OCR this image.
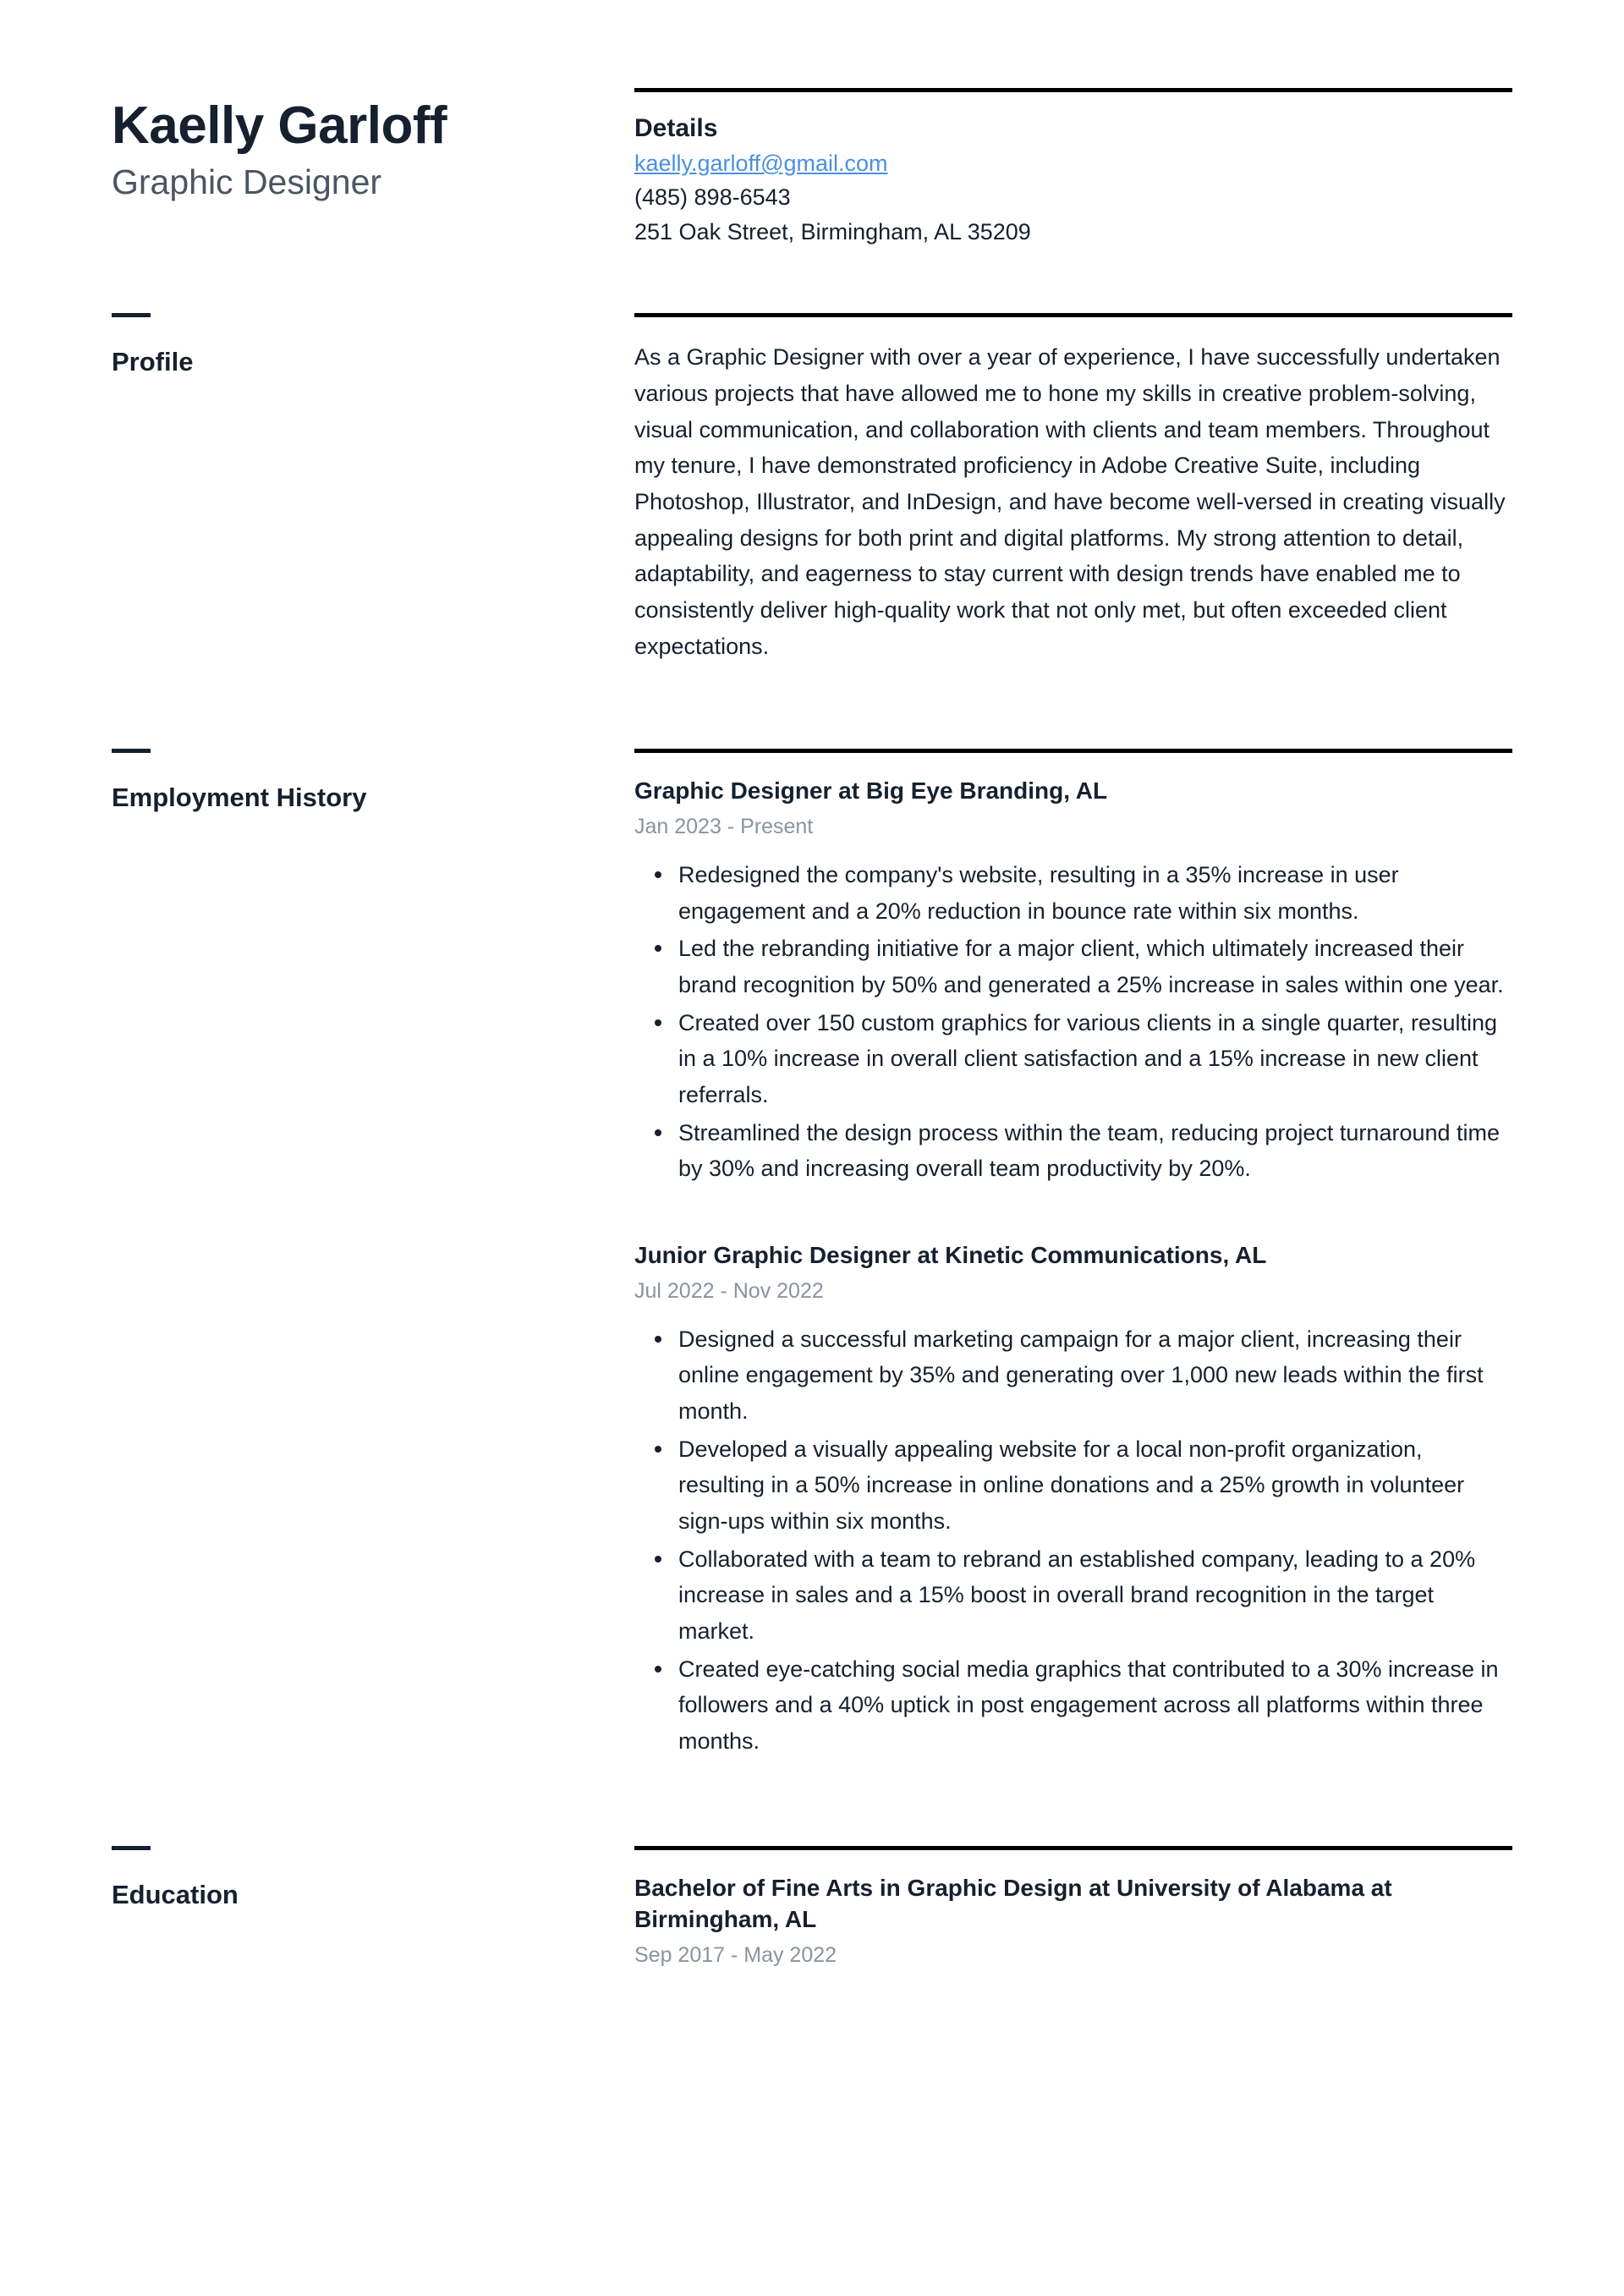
Kaelly Garloff
Graphic Designer
Details
kaelly.garloff@gmail.com
(485) 898-6543
251 Oak Street, Birmingham, AL 35209
Profile	As a Graphic Designer with over a year of experience, I have successfully undertaken various projects that have allowed me to hone my skills in creative problem-solving, visual communication, and collaboration with clients and team members. Throughout my tenure, I have demonstrated proficiency in Adobe Creative Suite, including Photoshop, Illustrator, and InDesign, and have become well-versed in creating visually appealing designs for both print and digital platforms. My strong attention to detail, adaptability, and eagerness to stay current with design trends have enabled me to consistently deliver high-quality work that not only met, but often exceeded client expectations.

Employment History	Graphic Designer at Big Eye Branding, AL
Jan 2023 - Present
Redesigned the company's website, resulting in a 35% increase in user engagement and a 20% reduction in bounce rate within six months.
Led the rebranding initiative for a major client, which ultimately increased their brand recognition by 50% and generated a 25% increase in sales within one year.
Created over 150 custom graphics for various clients in a single quarter, resulting in a 10% increase in overall client satisfaction and a 15% increase in new client referrals.
Streamlined the design process within the team, reducing project turnaround time by 30% and increasing overall team productivity by 20%.
Junior Graphic Designer at Kinetic Communications, AL
Jul 2022 - Nov 2022
Designed a successful marketing campaign for a major client, increasing their online engagement by 35% and generating over 1,000 new leads within the first month.
Developed a visually appealing website for a local non-profit organization, resulting in a 50% increase in online donations and a 25% growth in volunteer sign-ups within six months.
Collaborated with a team to rebrand an established company, leading to a 20% increase in sales and a 15% boost in overall brand recognition in the target market.
Created eye-catching social media graphics that contributed to a 30% increase in followers and a 40% uptick in post engagement across all platforms within three months.
Education	Bachelor of Fine Arts in Graphic Design at University of Alabama at Birmingham, AL
Sep 2017 - May 2022
